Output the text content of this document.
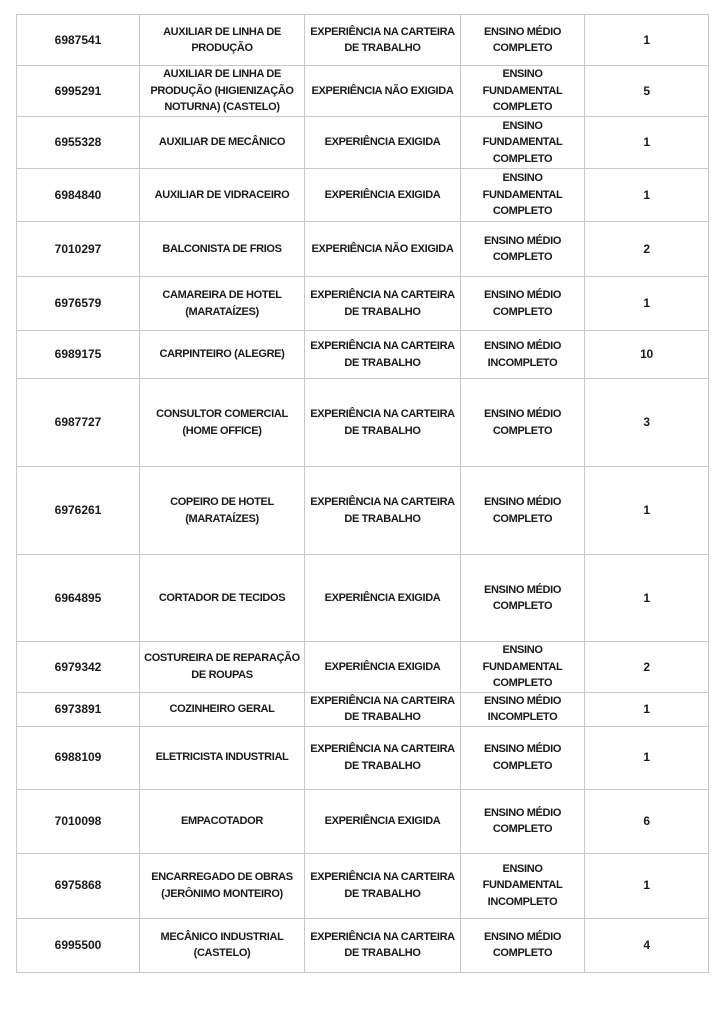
6987541	AUXILIAR DE LINHA DE
PRODUÇÃO	EXPERIÊNCIA NA CARTEIRA
DE TRABALHO	ENSINO MÉDIO
COMPLETO	1
6995291	AUXILIAR DE LINHA DE
PRODUÇÃO (HIGIENIZAÇÃO
NOTURNA) (CASTELO)	EXPERIÊNCIA NÃO EXIGIDA	ENSINO
FUNDAMENTAL
COMPLETO	5
6955328	AUXILIAR DE MECÂNICO	EXPERIÊNCIA EXIGIDA	ENSINO
FUNDAMENTAL
COMPLETO	1
6984840	AUXILIAR DE VIDRACEIRO	EXPERIÊNCIA EXIGIDA	ENSINO
FUNDAMENTAL
COMPLETO	1
7010297	BALCONISTA DE FRIOS	EXPERIÊNCIA NÃO EXIGIDA	ENSINO MÉDIO
COMPLETO	2
6976579	CAMAREIRA DE HOTEL
(MARATAÍZES)	EXPERIÊNCIA NA CARTEIRA
DE TRABALHO	ENSINO MÉDIO
COMPLETO	1
6989175	CARPINTEIRO (ALEGRE)	EXPERIÊNCIA NA CARTEIRA
DE TRABALHO	ENSINO MÉDIO
INCOMPLETO	10
6987727	CONSULTOR COMERCIAL
(HOME OFFICE)	EXPERIÊNCIA NA CARTEIRA
DE TRABALHO	ENSINO MÉDIO
COMPLETO	3
6976261	COPEIRO DE HOTEL
(MARATAÍZES)	EXPERIÊNCIA NA CARTEIRA
DE TRABALHO	ENSINO MÉDIO
COMPLETO	1
6964895	CORTADOR DE TECIDOS	EXPERIÊNCIA EXIGIDA	ENSINO MÉDIO
COMPLETO	1
6979342	COSTUREIRA DE REPARAÇÃO
DE ROUPAS	EXPERIÊNCIA EXIGIDA	ENSINO
FUNDAMENTAL
COMPLETO	2
6973891	COZINHEIRO GERAL	EXPERIÊNCIA NA CARTEIRA
DE TRABALHO	ENSINO MÉDIO
INCOMPLETO	1
6988109	ELETRICISTA INDUSTRIAL	EXPERIÊNCIA NA CARTEIRA
DE TRABALHO	ENSINO MÉDIO
COMPLETO	1
7010098	EMPACOTADOR	EXPERIÊNCIA EXIGIDA	ENSINO MÉDIO
COMPLETO	6
6975868	ENCARREGADO DE OBRAS
(JERÔNIMO MONTEIRO)	EXPERIÊNCIA NA CARTEIRA
DE TRABALHO	ENSINO
FUNDAMENTAL
INCOMPLETO	1
6995500	MECÂNICO INDUSTRIAL
(CASTELO)	EXPERIÊNCIA NA CARTEIRA
DE TRABALHO	ENSINO MÉDIO
COMPLETO	4
